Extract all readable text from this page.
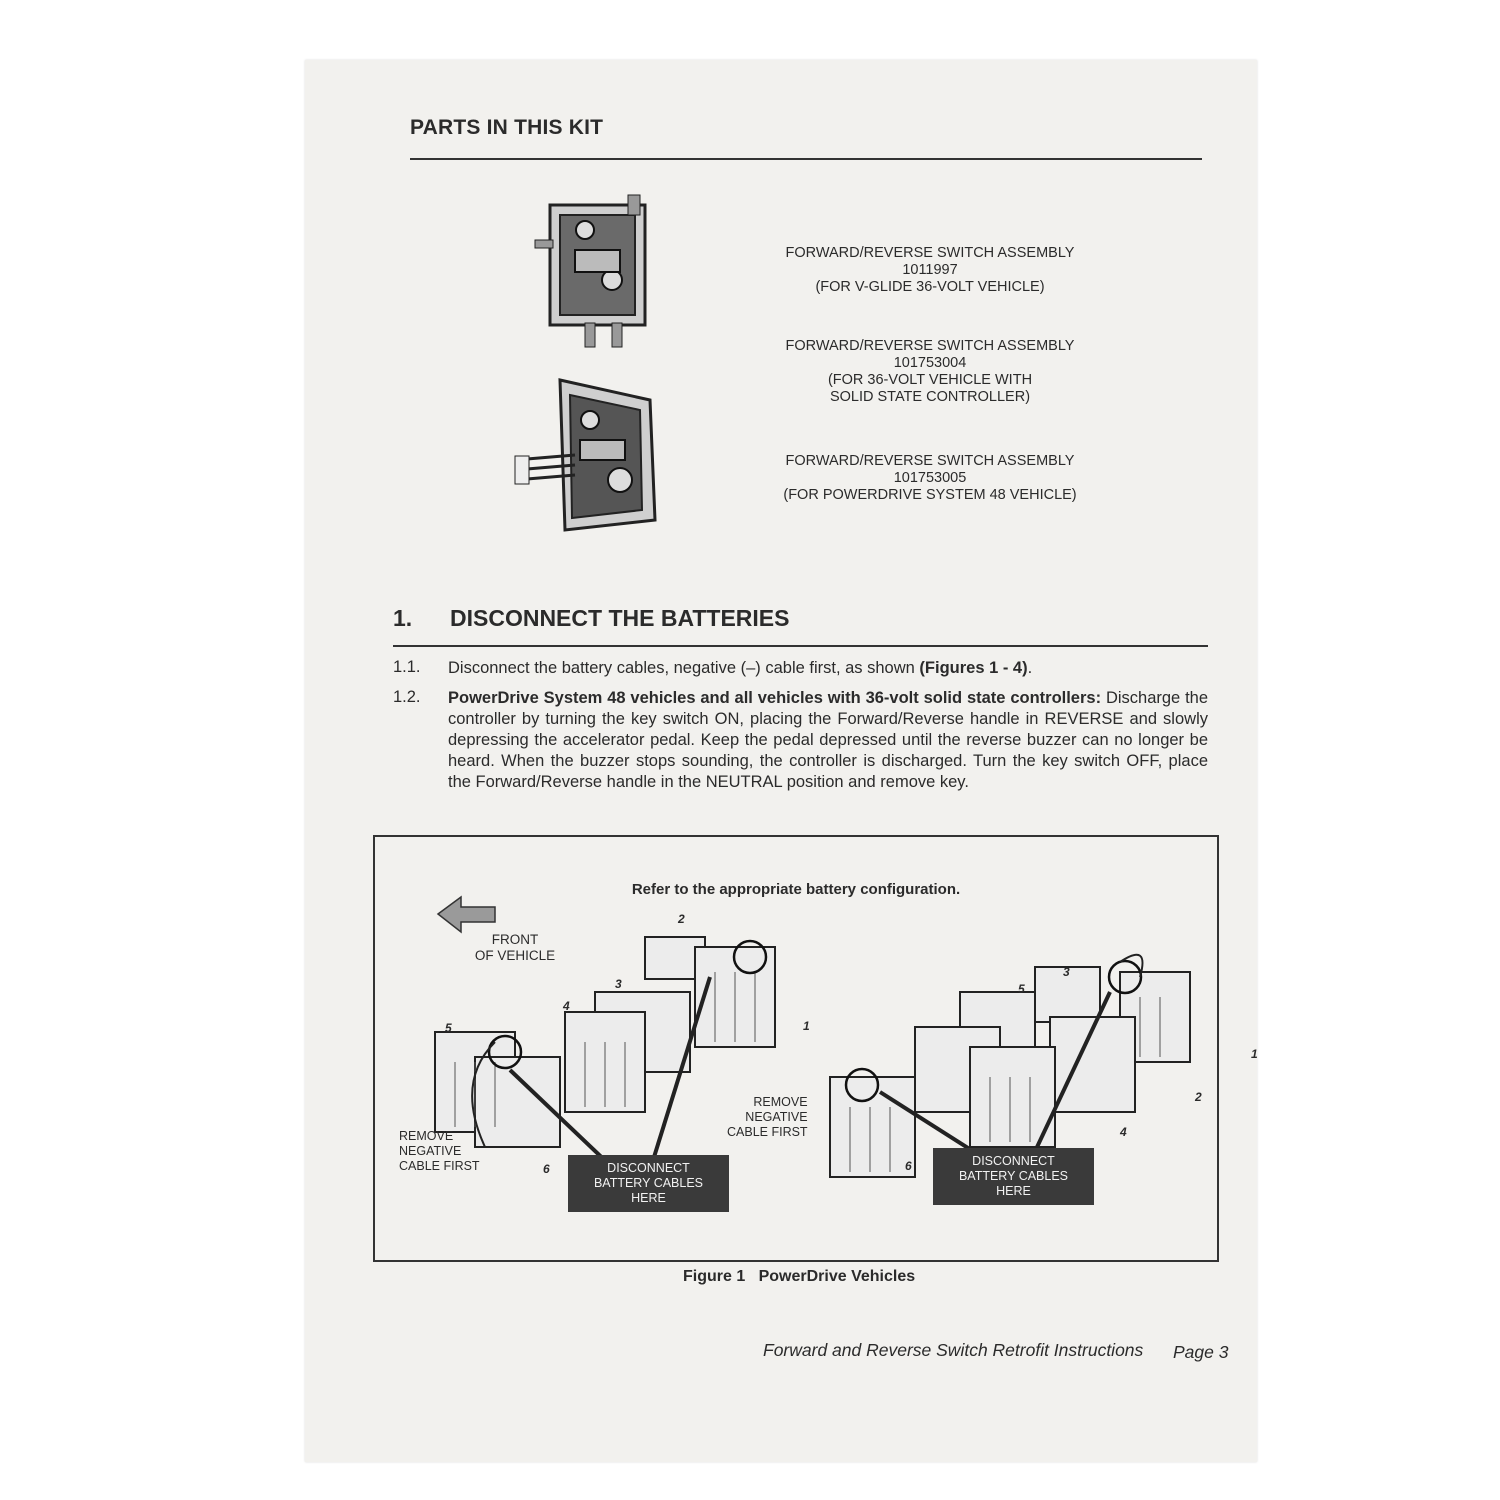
PARTS IN THIS KIT
FORWARD/REVERSE SWITCH ASSEMBLY
1011997
(FOR V-GLIDE 36-VOLT VEHICLE)
FORWARD/REVERSE SWITCH ASSEMBLY
101753004
(FOR 36-VOLT VEHICLE WITH
SOLID STATE CONTROLLER)
FORWARD/REVERSE SWITCH ASSEMBLY
101753005
(FOR POWERDRIVE SYSTEM 48 VEHICLE)
1. DISCONNECT THE BATTERIES
1.1. Disconnect the battery cables, negative (–) cable first, as shown (Figures 1 - 4).
1.2. PowerDrive System 48 vehicles and all vehicles with 36-volt solid state controllers: Discharge the controller by turning the key switch ON, placing the Forward/Reverse handle in REVERSE and slowly depressing the accelerator pedal. Keep the pedal depressed until the reverse buzzer can no longer be heard. When the buzzer stops sounding, the controller is discharged. Turn the key switch OFF, place the Forward/Reverse handle in the NEUTRAL position and remove key.
Refer to the appropriate battery configuration.
FRONT
OF VEHICLE
2
3
4
5	1
6
REMOVE
NEGATIVE
CABLE FIRST	DISCONNECT
BATTERY CABLES HERE
3
5
1
2
4
6
REMOVE
NEGATIVE
CABLE FIRST
DISCONNECT
BATTERY CABLES HERE
Figure 1 PowerDrive Vehicles
Forward and Reverse Switch Retrofit Instructions Page 3
